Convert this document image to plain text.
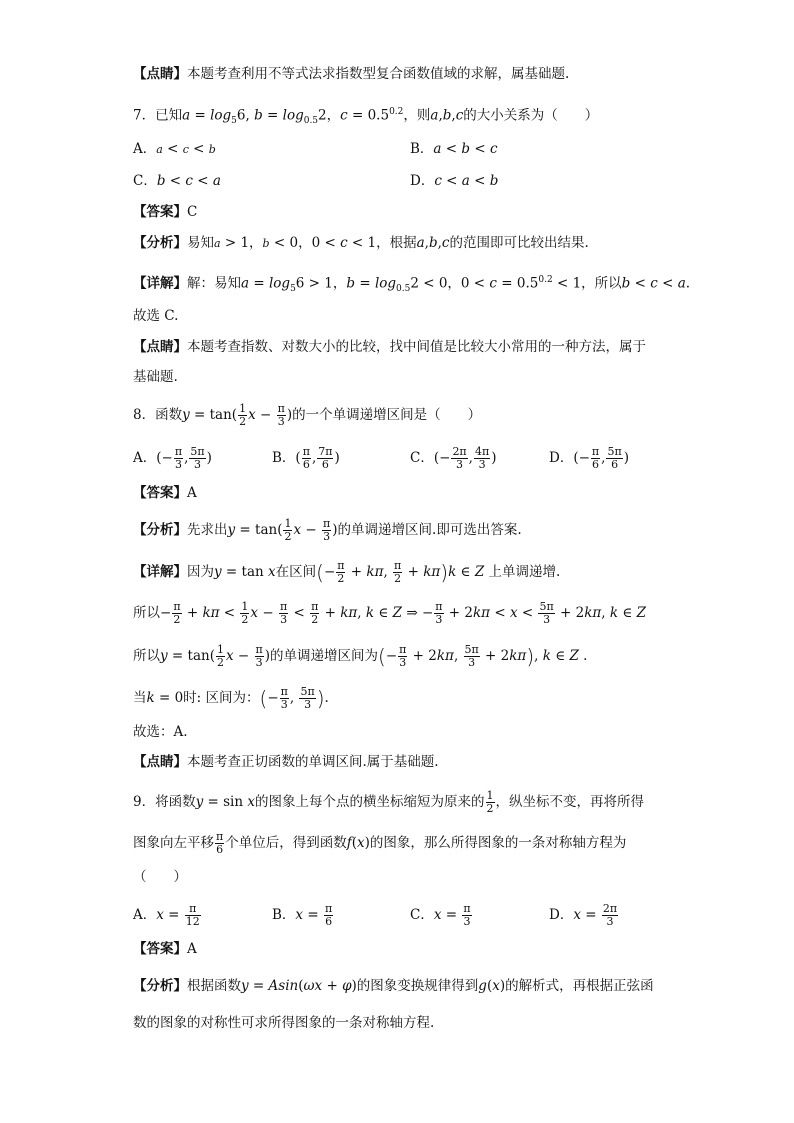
【点睛】本题考查利用不等式法求指数型复合函数值域的求解，属基础题.
7．已知$a = \log_56$, $b = \log_{0.5}2$，$c = 0.5^{0.2}$，则a,b,c的大小关系为（　　）
A．a < c < b	B．a < b < c
C．b < c < a	D．c < a < b
【答案】C
【分析】易知a > 1，b < 0，0 < c < 1，根据a,b,c的范围即可比较出结果.
【详解】解：易知$a = \log_56 > 1$，$b = \log_{0.5}2 < 0$，$0 < c = 0.5^{0.2} < 1$，所以b < c < a.
故选 C.
【点睛】本题考查指数、对数大小的比较，找中间值是比较大小常用的一种方法，属于
基础题.
8．函数$y = \tan( \frac{1}{2}$ $x - \frac{\pi}{3}$ )的一个单调递增区间是（　　）
A．(− $\frac{\pi}{3}$ , $\frac{5\pi}{3}$ )	B．( $\frac{\pi}{6}$ , $\frac{7\pi}{6}$ )	C．(− $\frac{2\pi}{3}$ , $\frac{4\pi}{3}$ )	D．(− $\frac{\pi}{6}$ , $\frac{5\pi}{6}$ )
【答案】A
【分析】先求出$y = \tan( \frac{1}{2}$ $x - \frac{\pi}{3}$ )的单调递增区间.即可选出答案.
【详解】因为y = tan x在区间(− $\frac{\pi}{2} + k\pi$, $\frac{\pi}{2} + k\pi)k$ ∈ Z 上单调递增.
所以− $\frac{\pi}{2} + k\pi < \frac{1}{2}$ $x - \frac{\pi}{3} < \frac{\pi}{2} + k\pi$, k ∈ Z ⇒ − $\frac{\pi}{3} + 2k\pi < x < \frac{5\pi}{3} + 2k\pi$, k ∈ Z
所以$y = \tan( \frac{1}{2}$ $x - \frac{\pi}{3}$ )的单调递增区间为(− $\frac{\pi}{3} + 2k\pi$, $\frac{5\pi}{3} + 2k\pi$), k ∈ Z .
当k = 0时: 区间为：(− $\frac{\pi}{3}$ , $\frac{5\pi}{3}$ ).
故选：A.
【点睛】本题考查正切函数的单调区间.属于基础题.
9．将函数y = sin x的图象上每个点的横坐标缩短为原来的 $\frac{1}{2}$ ，纵坐标不变，再将所得
图象向左平移 $\frac{\pi}{6}$ 个单位后，得到函数f(x)的图象，那么所得图象的一条对称轴方程为
（　　）
A．$x = \frac{\pi}{12}$	B．$x = \frac{\pi}{6}$	C．$x = \frac{\pi}{3}$	D．$x = \frac{2\pi}{3}$
【答案】A
【分析】根据函数y = Asin(ωx + φ)的图象变换规律得到g(x)的解析式，再根据正弦函
数的图象的对称性可求所得图象的一条对称轴方程.
